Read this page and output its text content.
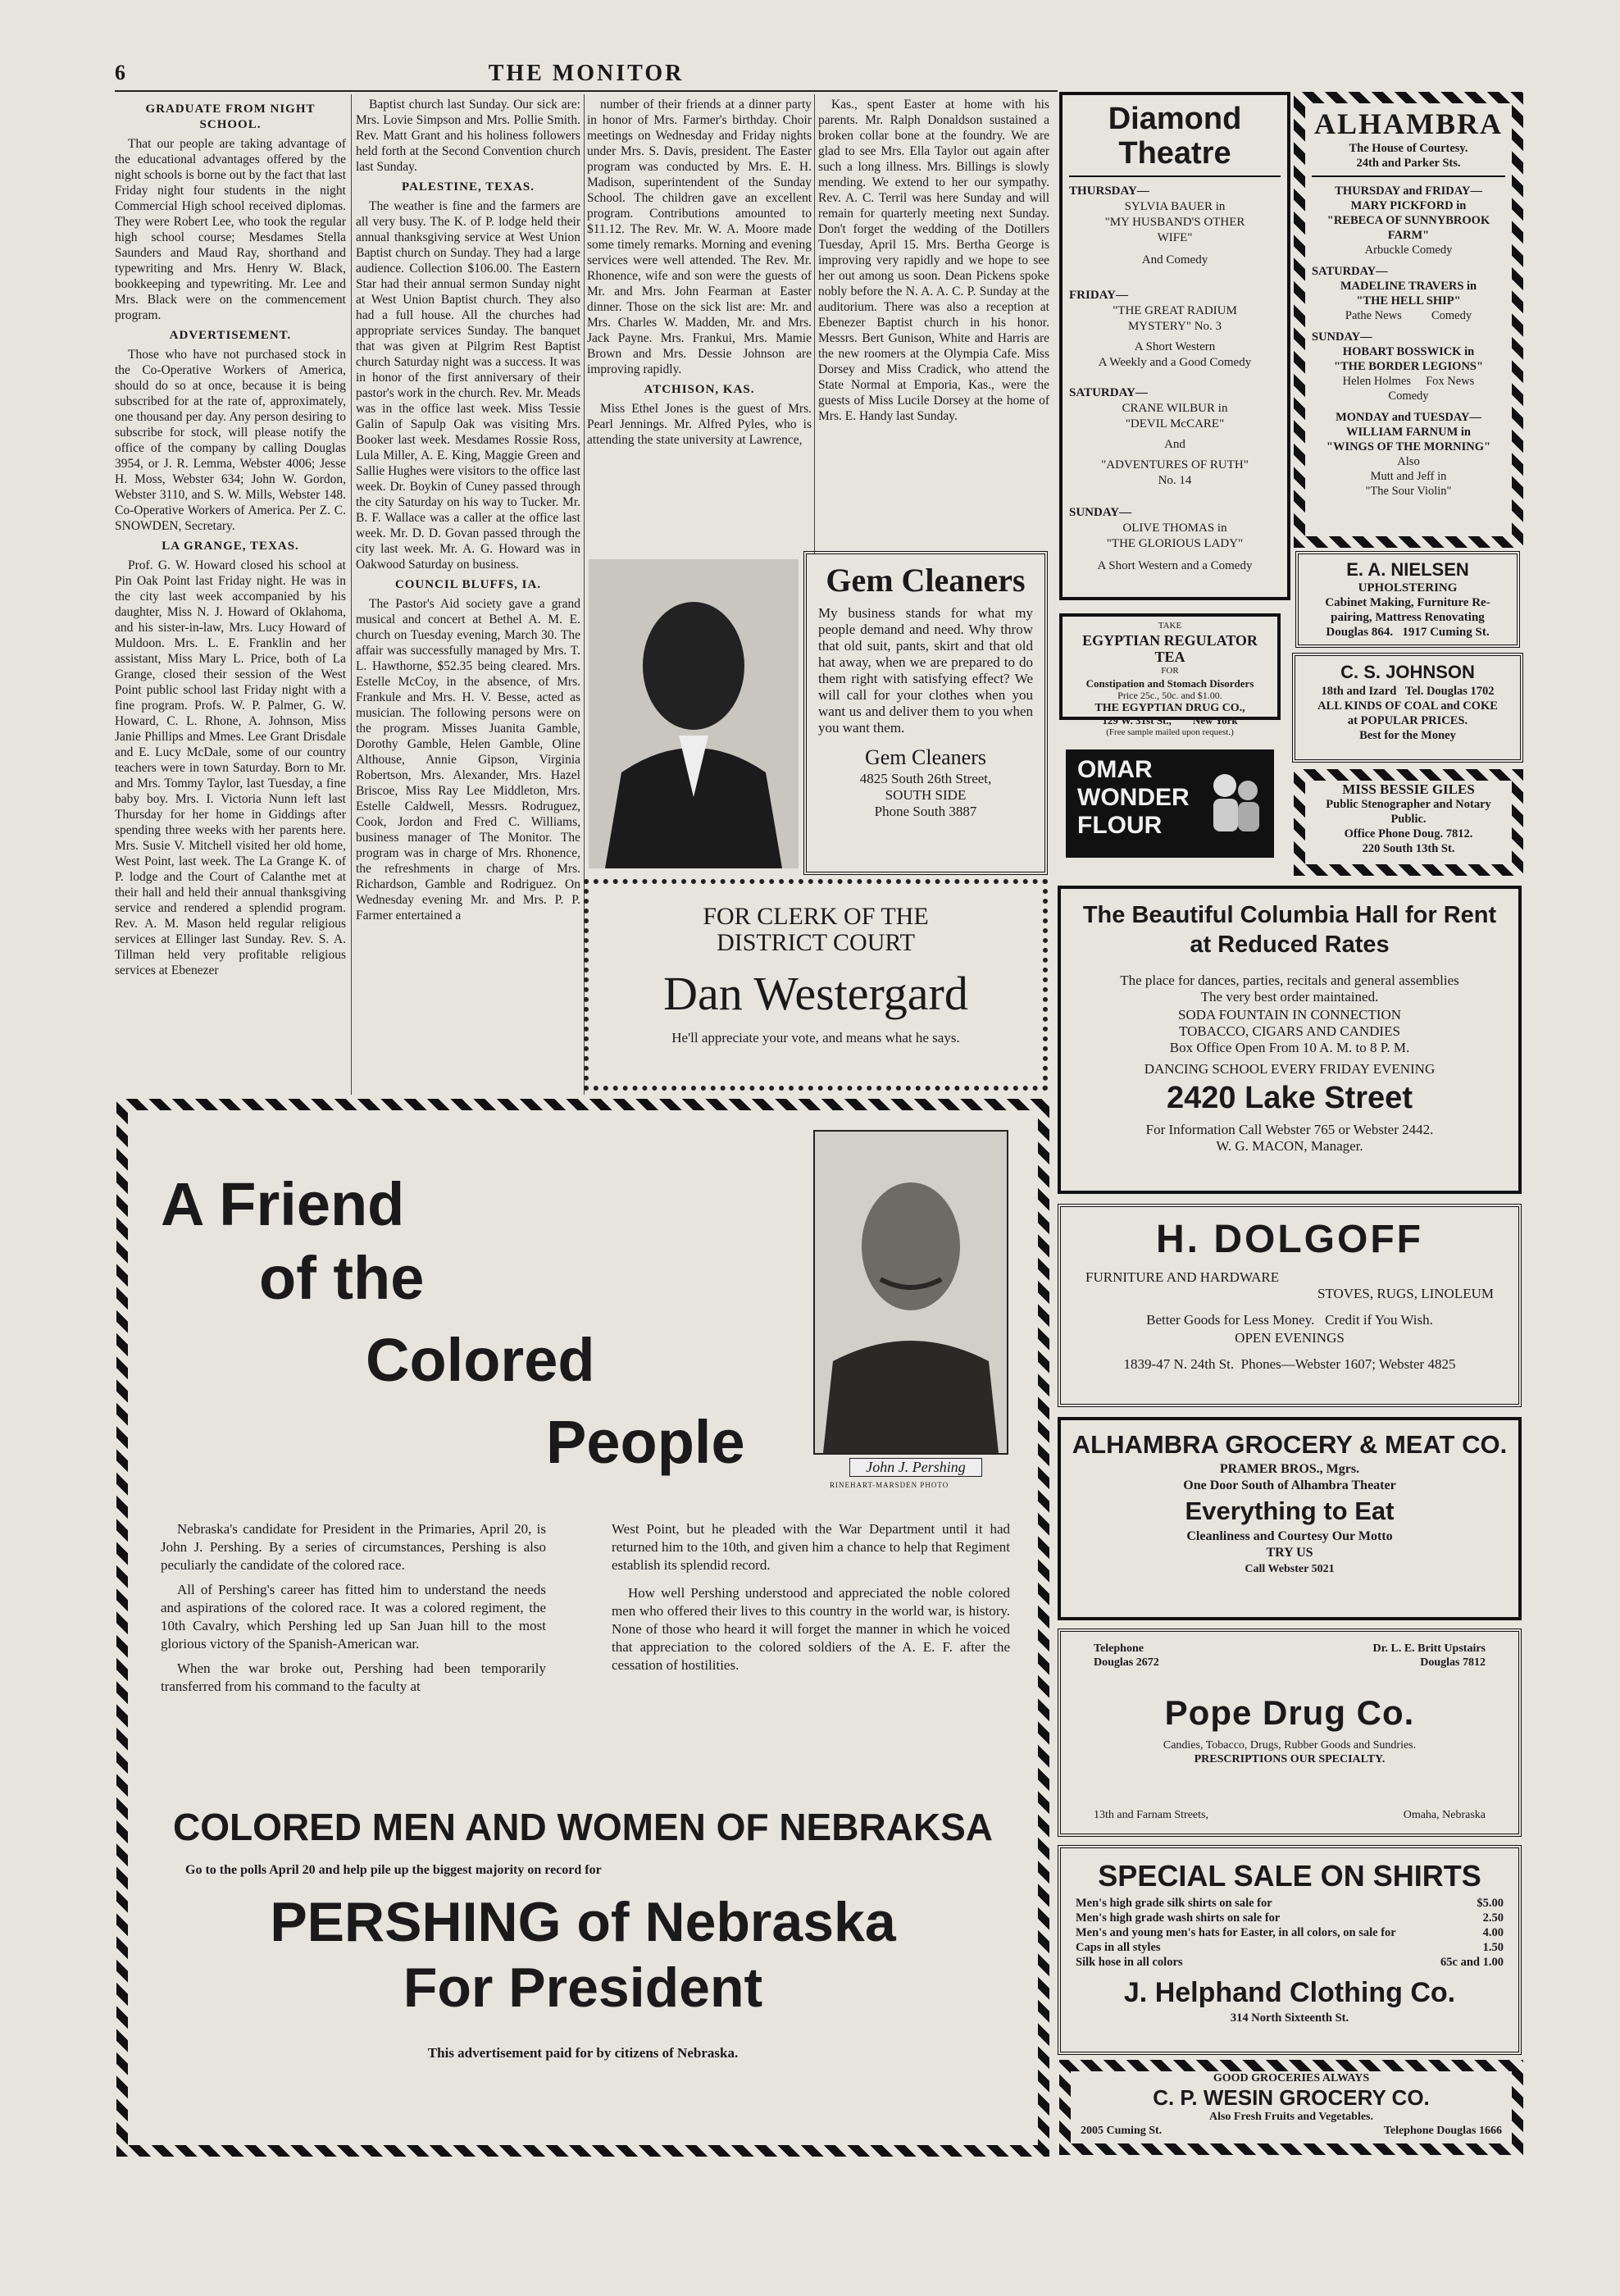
6	THE MONITOR
GRADUATE FROM NIGHT SCHOOL.

That our people are taking advantage of the educational advantages offered by the night schools is borne out by the fact that last Friday night four students in the night Commercial High school received diplomas. They were Robert Lee, who took the regular high school course; Mesdames Stella Saunders and Maud Ray, shorthand and typewriting and Mrs. Henry W. Black, bookkeeping and typewriting. Mr. Lee and Mrs. Black were on the commencement program.

ADVERTISEMENT.

Those who have not purchased stock in the Co-Operative Workers of America, should do so at once, because it is being subscribed for at the rate of, approximately, one thousand per day. Any person desiring to subscribe for stock, will please notify the office of the company by calling Douglas 3954, or J. R. Lemma, Webster 4006; Jesse H. Moss, Webster 634; John W. Gordon, Webster 3110, and S. W. Mills, Webster 148. Co-Operative Workers of America. Per Z. C. SNOWDEN, Secretary.

LA GRANGE, TEXAS.

Prof. G. W. Howard closed his school at Pin Oak Point last Friday night. He was in the city last week accompanied by his daughter, Miss N. J. Howard of Oklahoma, and his sister-in-law, Mrs. Lucy Howard of Muldoon. Mrs. L. E. Franklin and her assistant, Miss Mary L. Price, both of La Grange, closed their session of the West Point public school last Friday night with a fine program. Profs. W. P. Palmer, G. W. Howard, C. L. Rhone, A. Johnson, Miss Janie Phillips and Mmes. Lee Grant Drisdale and E. Lucy McDale, some of our country teachers were in town Saturday. Born to Mr. and Mrs. Tommy Taylor, last Tuesday, a fine baby boy. Mrs. I. Victoria Nunn left last Thursday for her home in Giddings after spending three weeks with her parents here. Mrs. Susie V. Mitchell visited her old home, West Point, last week. The La Grange K. of P. lodge and the Court of Calanthe met at their hall and held their annual thanksgiving service and rendered a splendid program. Rev. A. M. Mason held regular religious services at Ellinger last Sunday. Rev. S. A. Tillman held very profitable religious services at Ebenezer

Baptist church last Sunday. Our sick are: Mrs. Lovie Simpson and Mrs. Pollie Smith. Rev. Matt Grant and his holiness followers held forth at the Second Convention church last Sunday.

PALESTINE, TEXAS.

The weather is fine and the farmers are all very busy. The K. of P. lodge held their annual thanksgiving service at West Union Baptist church on Sunday. They had a large audience. Collection $106.00. The Eastern Star had their annual sermon Sunday night at West Union Baptist church. They also had a full house. All the churches had appropriate services Sunday. The banquet that was given at Pilgrim Rest Baptist church Saturday night was a success. It was in honor of the first anniversary of their pastor's work in the church. Rev. Mr. Meads was in the office last week. Miss Tessie Galin of Sapulp Oak was visiting Mrs. Booker last week. Mesdames Rossie Ross, Lula Miller, A. E. King, Maggie Green and Sallie Hughes were visitors to the office last week. Dr. Boykin of Cuney passed through the city Saturday on his way to Tucker. Mr. B. F. Wallace was a caller at the office last week. Mr. D. D. Govan passed through the city last week. Mr. A. G. Howard was in Oakwood Saturday on business.

COUNCIL BLUFFS, IA.

The Pastor's Aid society gave a grand musical and concert at Bethel A. M. E. church on Tuesday evening, March 30. The affair was successfully managed by Mrs. T. L. Hawthorne, $52.35 being cleared. Mrs. Estelle McCoy, in the absence, of Mrs. Frankule and Mrs. H. V. Besse, acted as musician. The following persons were on the program. Misses Juanita Gamble, Dorothy Gamble, Helen Gamble, Oline Althouse, Annie Gipson, Virginia Robertson, Mrs. Alexander, Mrs. Hazel Briscoe, Miss Ray Lee Middleton, Mrs. Estelle Caldwell, Messrs. Rodruguez, Cook, Jordon and Fred C. Williams, business manager of The Monitor. The program was in charge of Mrs. Rhonence, the refreshments in charge of Mrs. Richardson, Gamble and Rodriguez. On Wednesday evening Mr. and Mrs. P. P. Farmer entertained a

number of their friends at a dinner party in honor of Mrs. Farmer's birthday. Choir meetings on Wednesday and Friday nights under Mrs. S. Davis, president. The Easter program was conducted by Mrs. E. H. Madison, superintendent of the Sunday School. The children gave an excellent program. Contributions amounted to $11.12. The Rev. Mr. W. A. Moore made some timely remarks. Morning and evening services were well attended. The Rev. Mr. Rhonence, wife and son were the guests of Mr. and Mrs. John Fearman at Easter dinner. Those on the sick list are: Mr. and Mrs. Charles W. Madden, Mr. and Mrs. Jack Payne. Mrs. Frankui, Mrs. Mamie Brown and Mrs. Dessie Johnson are improving rapidly.

ATCHISON, KAS.

Miss Ethel Jones is the guest of Mrs. Pearl Jennings. Mr. Alfred Pyles, who is attending the state university at Lawrence,

Kas., spent Easter at home with his parents. Mr. Ralph Donaldson sustained a broken collar bone at the foundry. We are glad to see Mrs. Ella Taylor out again after such a long illness. Mrs. Billings is slowly mending. We extend to her our sympathy. Rev. A. C. Terril was here Sunday and will remain for quarterly meeting next Sunday. Don't forget the wedding of the Dotillers Tuesday, April 15. Mrs. Bertha George is improving very rapidly and we hope to see her out among us soon. Dean Pickens spoke nobly before the N. A. A. C. P. Sunday at the auditorium. There was also a reception at Ebenezer Baptist church in his honor. Messrs. Bert Gunison, White and Harris are the new roomers at the Olympia Cafe. Miss Dorsey and Miss Cradick, who attend the State Normal at Emporia, Kas., were the guests of Miss Lucile Dorsey at the home of Mrs. E. Handy last Sunday.

Gem Cleaners
My business stands for what my people demand and need. Why throw that old suit, pants, skirt and that old hat away, when we are prepared to do them right with satisfying effect? We will call for your clothes when you want us and deliver them to you when you want them.
Gem Cleaners
4825 South 26th Street,
SOUTH SIDE
Phone South 3887
FOR CLERK OF THE
DISTRICT COURT
Dan Westergard
He'll appreciate your vote, and means what he says.
Diamond
Theatre
THURSDAY—
SYLVIA BAUER in
"MY HUSBAND'S OTHER
WIFE"
And Comedy
FRIDAY—
"THE GREAT RADIUM
MYSTERY" No. 3
A Short Western
A Weekly and a Good Comedy
SATURDAY—
CRANE WILBUR in
"DEVIL McCARE"
And
"ADVENTURES OF RUTH"
No. 14
SUNDAY—
OLIVE THOMAS in
"THE GLORIOUS LADY"
A Short Western and a Comedy
ALHAMBRA
The House of Courtesy.
24th and Parker Sts.
THURSDAY and FRIDAY—
MARY PICKFORD in
"REBECA OF SUNNYBROOK
FARM"
Arbuckle Comedy
SATURDAY—
MADELINE TRAVERS in
"THE HELL SHIP"
Pathe News          Comedy
SUNDAY—
HOBART BOSSWICK in
"THE BORDER LEGIONS"
Helen Holmes     Fox News
Comedy
MONDAY and TUESDAY—
WILLIAM FARNUM in
"WINGS OF THE MORNING"
Also
Mutt and Jeff in
"The Sour Violin"
E. A. NIELSEN
UPHOLSTERING
Cabinet Making, Furniture Re-
pairing, Mattress Renovating
Douglas 864.   1917 Cuming St.
TAKE
EGYPTIAN REGULATOR TEA
FOR
Constipation and Stomach Disorders
Price 25c., 50c. and $1.00.
THE EGYPTIAN DRUG CO.,
129 W. 31st St.,        New York
(Free sample mailed upon request.)
C. S. JOHNSON
18th and Izard   Tel. Douglas 1702
ALL KINDS OF COAL and COKE
at POPULAR PRICES.
Best for the Money
OMAR
WONDER
FLOUR
MISS BESSIE GILES
Public Stenographer and Notary
Public.
Office Phone Doug. 7812.
220 South 13th St.
The Beautiful Columbia Hall for Rent
at Reduced Rates
The place for dances, parties, recitals and general assemblies
The very best order maintained.
SODA FOUNTAIN IN CONNECTION
TOBACCO, CIGARS AND CANDIES
Box Office Open From 10 A. M. to 8 P. M.
DANCING SCHOOL EVERY FRIDAY EVENING
2420 Lake Street
For Information Call Webster 765 or Webster 2442.
W. G. MACON, Manager.
H. DOLGOFF
FURNITURE AND HARDWARE
STOVES, RUGS, LINOLEUM
Better Goods for Less Money.   Credit if You Wish.
OPEN EVENINGS
1839-47 N. 24th St.  Phones—Webster 1607; Webster 4825
ALHAMBRA GROCERY & MEAT CO.
PRAMER BROS., Mgrs.
One Door South of Alhambra Theater
Everything to Eat
Cleanliness and Courtesy Our Motto
TRY US
Call Webster 5021
Telephone
Douglas 2672
Dr. L. E. Britt Upstairs
Douglas 7812
Pope Drug Co.
Candies, Tobacco, Drugs, Rubber Goods and Sundries.
PRESCRIPTIONS OUR SPECIALTY.
13th and Farnam Streets,	Omaha, Nebraska
SPECIAL SALE ON SHIRTS
Men's high grade silk shirts on sale for	$5.00
Men's high grade wash shirts on sale for	2.50
Men's and young men's hats for Easter, in all colors, on sale for	4.00
Caps in all styles	1.50
Silk hose in all colors	65c and 1.00
J. Helphand Clothing Co.
314 North Sixteenth St.
GOOD GROCERIES ALWAYS
C. P. WESIN GROCERY CO.
Also Fresh Fruits and Vegetables.
2005 Cuming St.	Telephone Douglas 1666
A Friend
of the
Colored
People	John J. Pershing
RINEHART-MARSDEN PHOTO

Nebraska's candidate for President in the Primaries, April 20, is John J. Pershing. By a series of circumstances, Pershing is also peculiarly the candidate of the colored race.

All of Pershing's career has fitted him to understand the needs and aspirations of the colored race. It was a colored regiment, the 10th Cavalry, which Pershing led up San Juan hill to the most glorious victory of the Spanish-American war.

When the war broke out, Pershing had been temporarily transferred from his command to the faculty at

West Point, but he pleaded with the War Department until it had returned him to the 10th, and given him a chance to help that Regiment establish its splendid record.

How well Pershing understood and appreciated the noble colored men who offered their lives to this country in the world war, is history. None of those who heard it will forget the manner in which he voiced that appreciation to the colored soldiers of the A. E. F. after the cessation of hostilities.

COLORED MEN AND WOMEN OF NEBRAKSA
Go to the polls April 20 and help pile up the biggest majority on record for
PERSHING of Nebraska
For President
This advertisement paid for by citizens of Nebraska.
